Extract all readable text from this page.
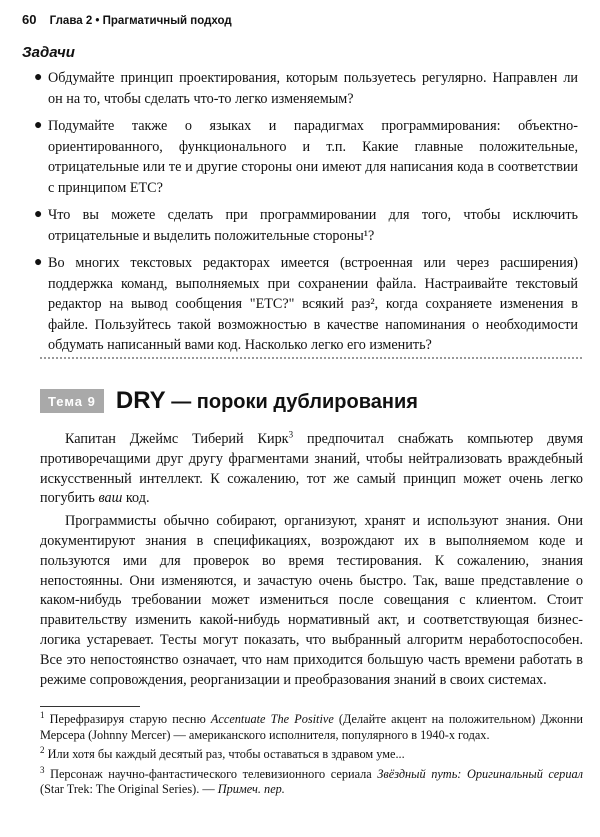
60 Глава 2 • Прагматичный подход
Задачи
● Обдумайте принцип проектирования, которым пользуетесь регулярно. Направлен ли он на то, чтобы сделать что-то легко изменяемым?
● Подумайте также о языках и парадигмах программирования: объектно-ориентированного, функционального и т.п. Какие главные положительные, отрицательные или те и другие стороны они имеют для написания кода в соответствии с принципом ETC?
● Что вы можете сделать при программировании для того, чтобы исключить отрицательные и выделить положительные стороны¹?
● Во многих текстовых редакторах имеется (встроенная или через расширения) поддержка команд, выполняемых при сохранении файла. Настраивайте текстовый редактор на вывод сообщения "ETC?" всякий раз², когда сохраняете изменения в файле. Пользуйтесь такой возможностью в качестве напоминания о необходимости обдумать написанный вами код. Насколько легко его изменить?
Тема 9 DRY — пороки дублирования

Капитан Джеймс Тиберий Кирк$^3$ предпочитал снабжать компьютер двумя противоречащими друг другу фрагментами знаний, чтобы нейтрализовать враждебный искусственный интеллект. К сожалению, тот же самый принцип может очень легко погубить ваш код.

Программисты обычно собирают, организуют, хранят и используют знания. Они документируют знания в спецификациях, возрождают их в выполняемом коде и пользуются ими для проверок во время тестирования. К сожалению, знания непостоянны. Они изменяются, и зачастую очень быстро. Так, ваше представление о каком-нибудь требовании может измениться после совещания с клиентом. Стоит правительству изменить какой-нибудь нормативный акт, и соответствующая бизнес-логика устаревает. Тесты могут показать, что выбранный алгоритм неработоспособен. Все это непостоянство означает, что нам приходится большую часть времени работать в режиме сопровождения, реорганизации и преобразования знаний в своих системах.

$^1$ Перефразируя старую песню Accentuate The Positive (Делайте акцент на положительном) Джонни Мерсера (Johnny Mercer) — американского исполнителя, популярного в 1940-х годах.

$^2$ Или хотя бы каждый десятый раз, чтобы оставаться в здравом уме...

$^3$ Персонаж научно-фантастического телевизионного сериала Звёздный путь: Оригинальный сериал (Star Trek: The Original Series). — Примеч. пер.
